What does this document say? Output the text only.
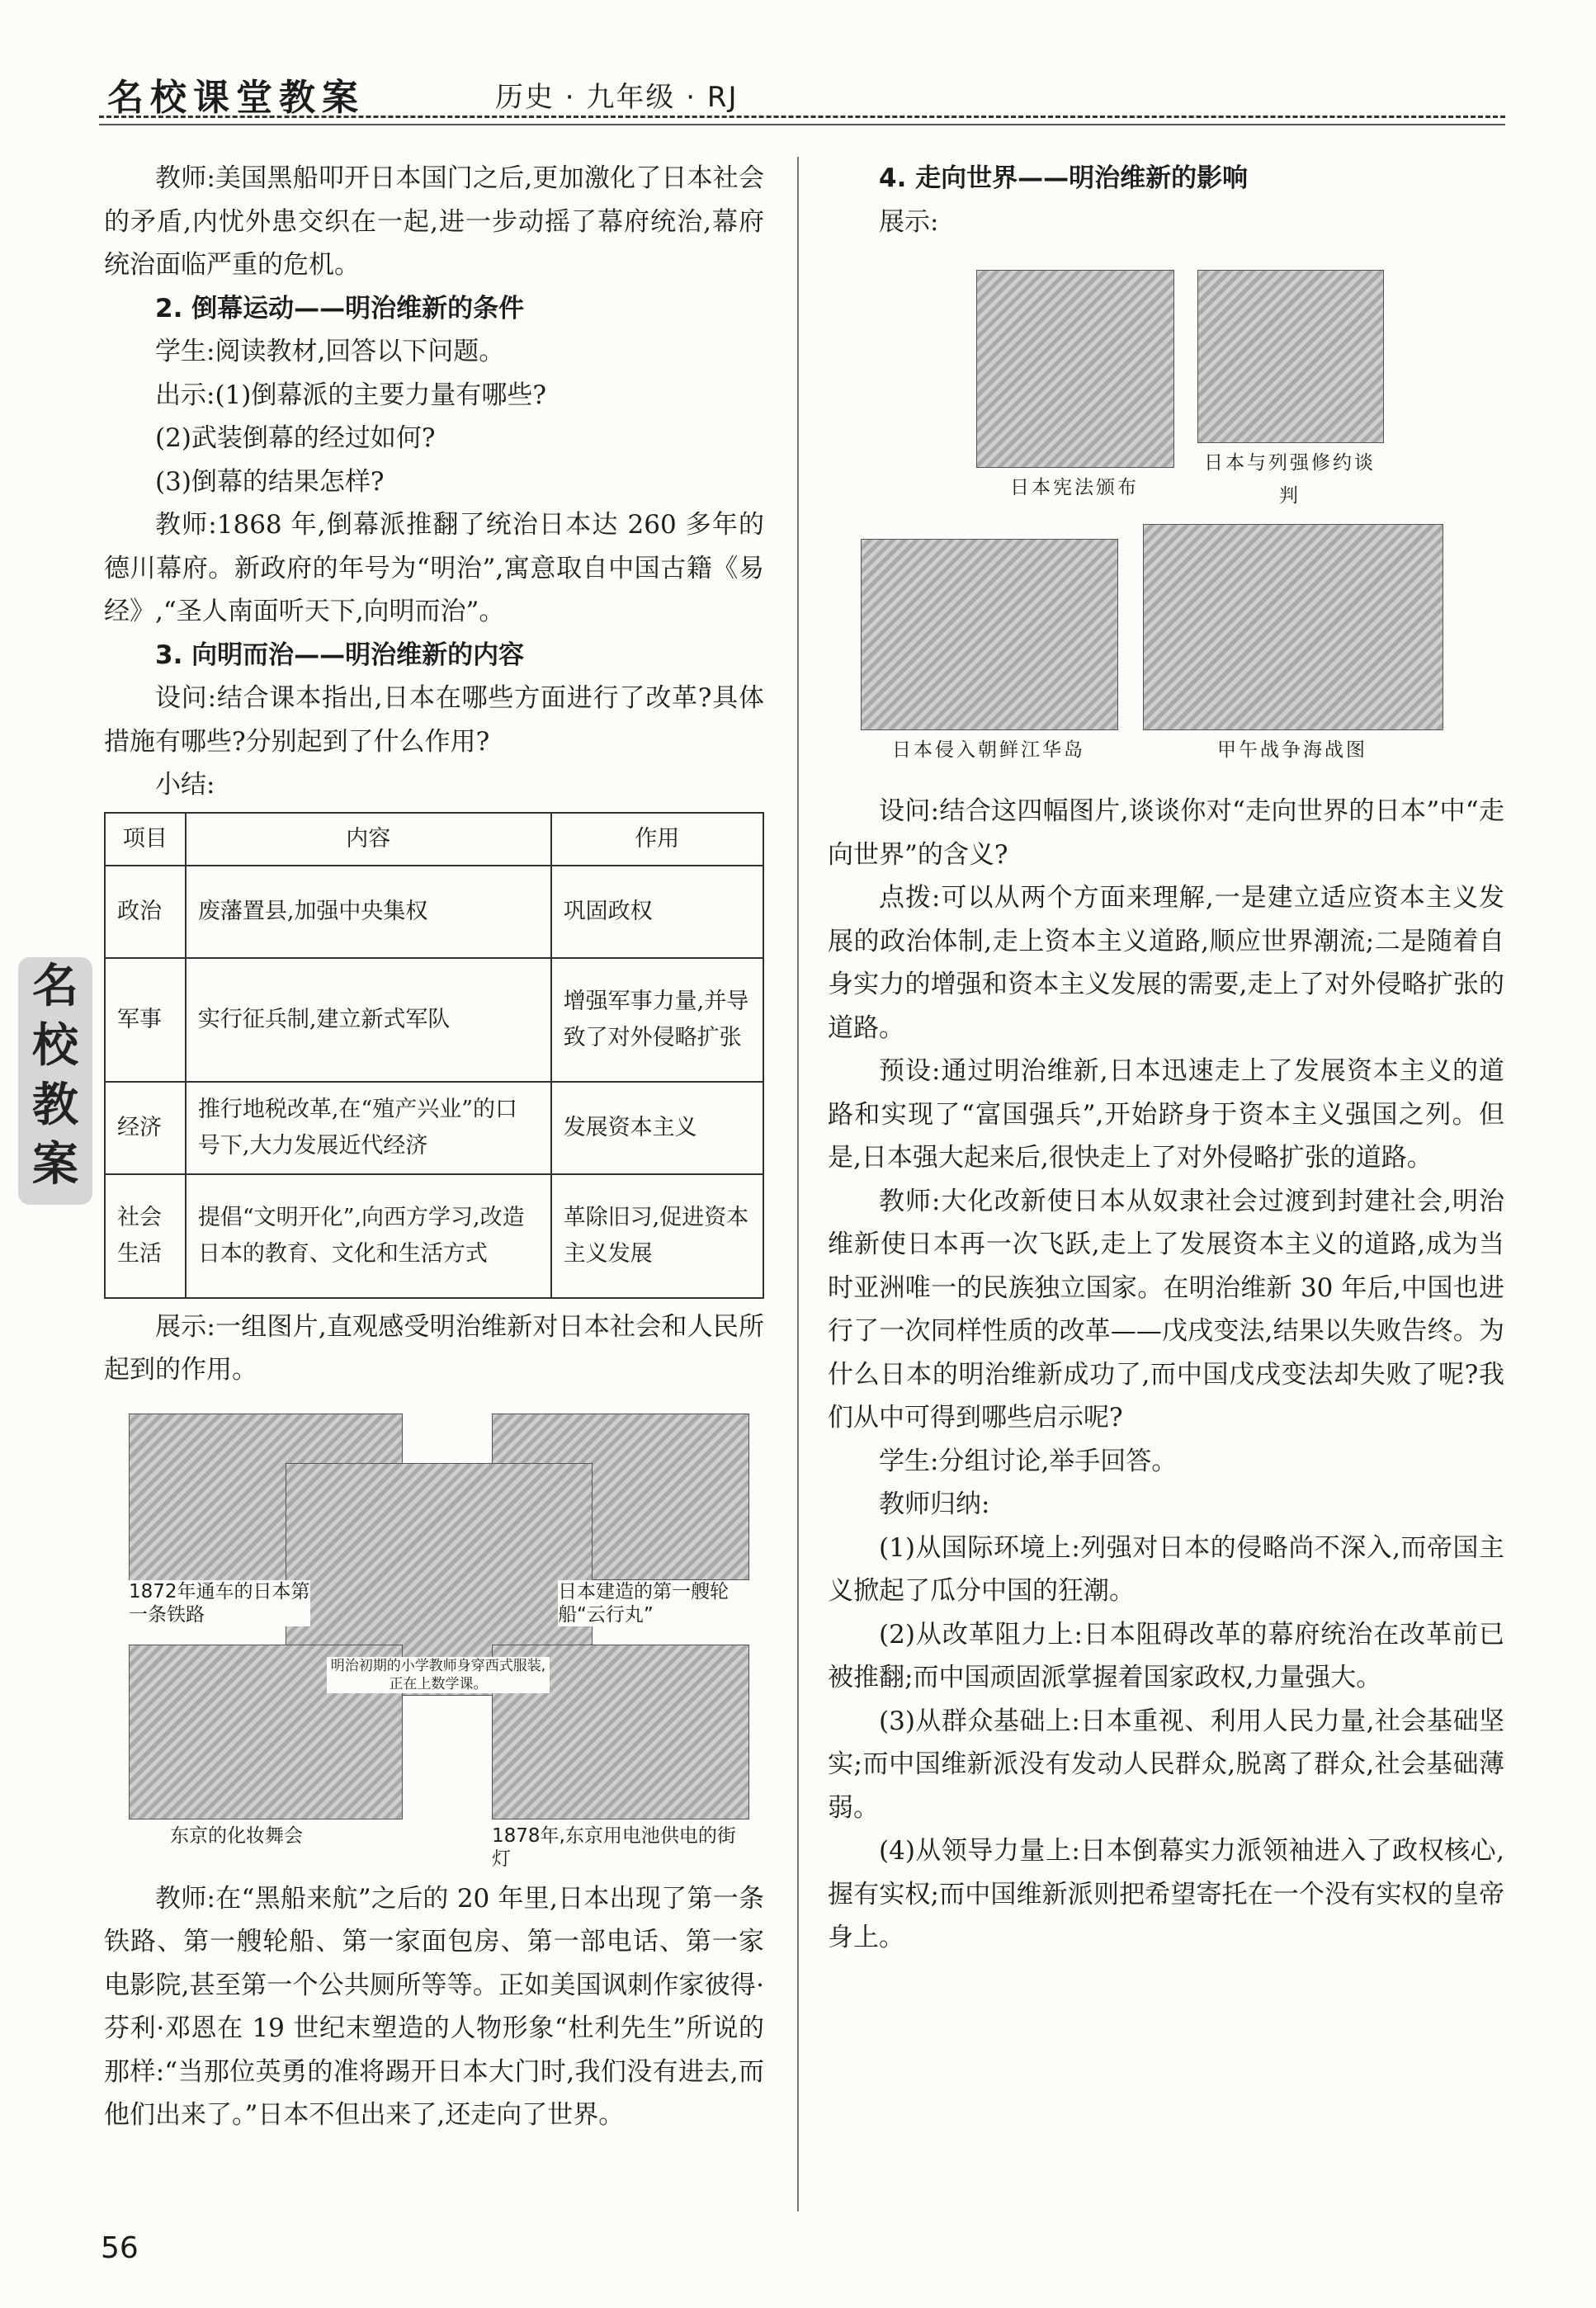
名校课堂教案	历史 · 九年级 · RJ
名
校
教
案

教师:美国黑船叩开日本国门之后,更加激化了日本社会的矛盾,内忧外患交织在一起,进一步动摇了幕府统治,幕府统治面临严重的危机。

2. 倒幕运动——明治维新的条件

学生:阅读教材,回答以下问题。

出示:(1)倒幕派的主要力量有哪些?

(2)武装倒幕的经过如何?

(3)倒幕的结果怎样?

教师:1868 年,倒幕派推翻了统治日本达 260 多年的德川幕府。新政府的年号为“明治”,寓意取自中国古籍《易经》,“圣人南面听天下,向明而治”。

3. 向明而治——明治维新的内容

设问:结合课本指出,日本在哪些方面进行了改革?具体措施有哪些?分别起到了什么作用?

小结:

项目	内容	作用
政治	废藩置县,加强中央集权	巩固政权
军事	实行征兵制,建立新式军队	增强军事力量,并导致了对外侵略扩张
经济	推行地税改革,在“殖产兴业”的口号下,大力发展近代经济	发展资本主义
社会生活	提倡“文明开化”,向西方学习,改造日本的教育、文化和生活方式	革除旧习,促进资本主义发展

展示:一组图片,直观感受明治维新对日本社会和人民所起到的作用。

1872年通车的日本第一条铁路
日本建造的第一艘轮船“云行丸”
明治初期的小学教师身穿西式服装,正在上数学课。
东京的化妆舞会	1878年,东京用电池供电的街灯

教师:在“黑船来航”之后的 20 年里,日本出现了第一条铁路、第一艘轮船、第一家面包房、第一部电话、第一家电影院,甚至第一个公共厕所等等。正如美国讽刺作家彼得·芬利·邓恩在 19 世纪末塑造的人物形象“杜利先生”所说的那样:“当那位英勇的准将踢开日本大门时,我们没有进去,而他们出来了。”日本不但出来了,还走向了世界。

4. 走向世界——明治维新的影响

展示:

日本宪法颁布
日本与列强修约谈判
日本侵入朝鲜江华岛	甲午战争海战图

设问:结合这四幅图片,谈谈你对“走向世界的日本”中“走向世界”的含义?

点拨:可以从两个方面来理解,一是建立适应资本主义发展的政治体制,走上资本主义道路,顺应世界潮流;二是随着自身实力的增强和资本主义发展的需要,走上了对外侵略扩张的道路。

预设:通过明治维新,日本迅速走上了发展资本主义的道路和实现了“富国强兵”,开始跻身于资本主义强国之列。但是,日本强大起来后,很快走上了对外侵略扩张的道路。

教师:大化改新使日本从奴隶社会过渡到封建社会,明治维新使日本再一次飞跃,走上了发展资本主义的道路,成为当时亚洲唯一的民族独立国家。在明治维新 30 年后,中国也进行了一次同样性质的改革——戊戌变法,结果以失败告终。为什么日本的明治维新成功了,而中国戊戌变法却失败了呢?我们从中可得到哪些启示呢?

学生:分组讨论,举手回答。

教师归纳:

(1)从国际环境上:列强对日本的侵略尚不深入,而帝国主义掀起了瓜分中国的狂潮。

(2)从改革阻力上:日本阻碍改革的幕府统治在改革前已被推翻;而中国顽固派掌握着国家政权,力量强大。

(3)从群众基础上:日本重视、利用人民力量,社会基础坚实;而中国维新派没有发动人民群众,脱离了群众,社会基础薄弱。

(4)从领导力量上:日本倒幕实力派领袖进入了政权核心,握有实权;而中国维新派则把希望寄托在一个没有实权的皇帝身上。

56
